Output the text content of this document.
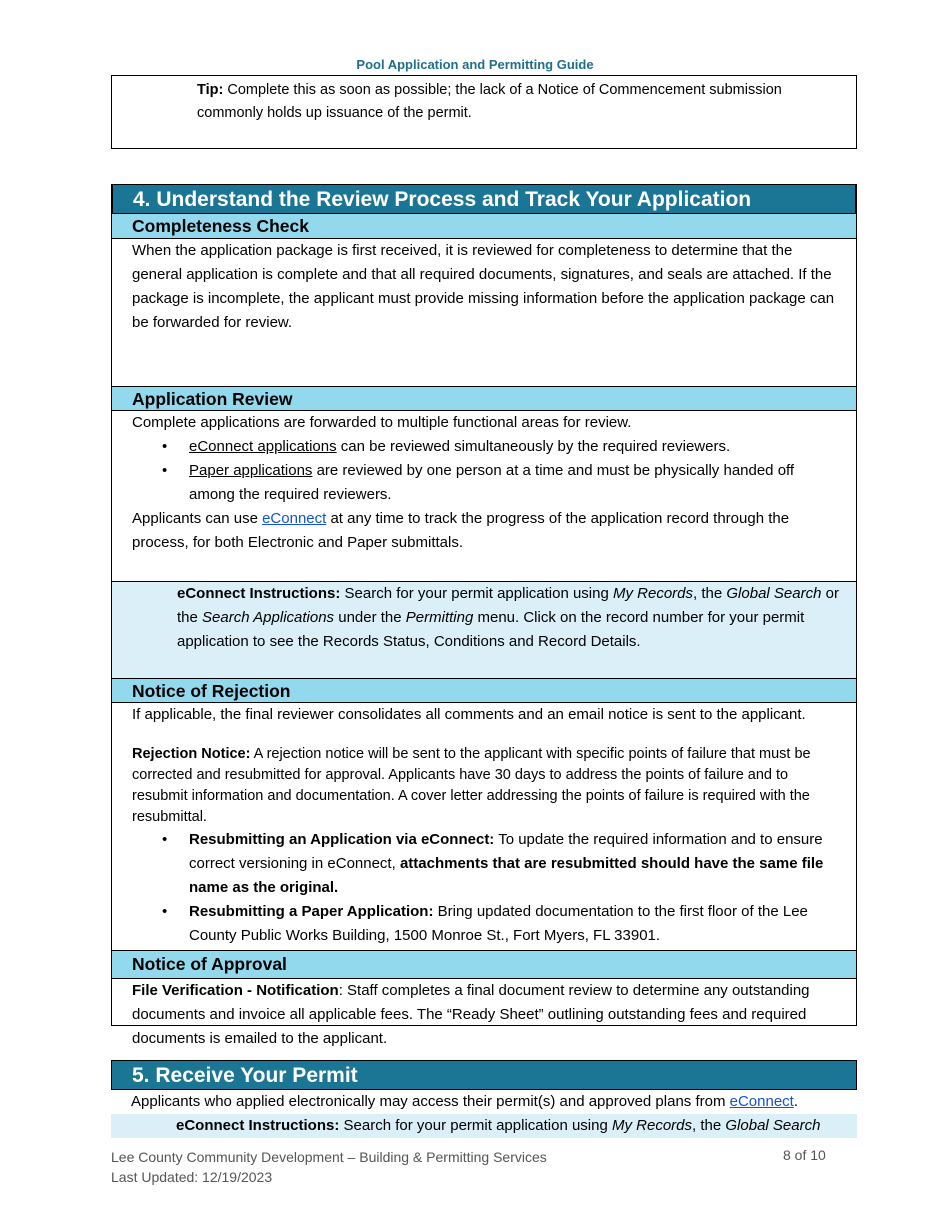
Pool Application and Permitting Guide
Tip: Complete this as soon as possible; the lack of a Notice of Commencement submission commonly holds up issuance of the permit.
4. Understand the Review Process and Track Your Application
Completeness Check
When the application package is first received, it is reviewed for completeness to determine that the general application is complete and that all required documents, signatures, and seals are attached. If the package is incomplete, the applicant must provide missing information before the application package can be forwarded for review.
Application Review
Complete applications are forwarded to multiple functional areas for review.
• eConnect applications can be reviewed simultaneously by the required reviewers.
• Paper applications are reviewed by one person at a time and must be physically handed off among the required reviewers.
Applicants can use eConnect at any time to track the progress of the application record through the process, for both Electronic and Paper submittals.
eConnect Instructions: Search for your permit application using My Records, the Global Search or the Search Applications under the Permitting menu. Click on the record number for your permit application to see the Records Status, Conditions and Record Details.
Notice of Rejection
If applicable, the final reviewer consolidates all comments and an email notice is sent to the applicant.
Rejection Notice: A rejection notice will be sent to the applicant with specific points of failure that must be corrected and resubmitted for approval. Applicants have 30 days to address the points of failure and to resubmit information and documentation. A cover letter addressing the points of failure is required with the resubmittal.
• Resubmitting an Application via eConnect: To update the required information and to ensure correct versioning in eConnect, attachments that are resubmitted should have the same file name as the original.
• Resubmitting a Paper Application: Bring updated documentation to the first floor of the Lee County Public Works Building, 1500 Monroe St., Fort Myers, FL 33901.
Notice of Approval
File Verification - Notification: Staff completes a final document review to determine any outstanding documents and invoice all applicable fees. The “Ready Sheet” outlining outstanding fees and required documents is emailed to the applicant.
5. Receive Your Permit
Applicants who applied electronically may access their permit(s) and approved plans from eConnect.
eConnect Instructions: Search for your permit application using My Records, the Global Search
Lee County Community Development – Building & Permitting Services
Last Updated: 12/19/2023
8 of 10
